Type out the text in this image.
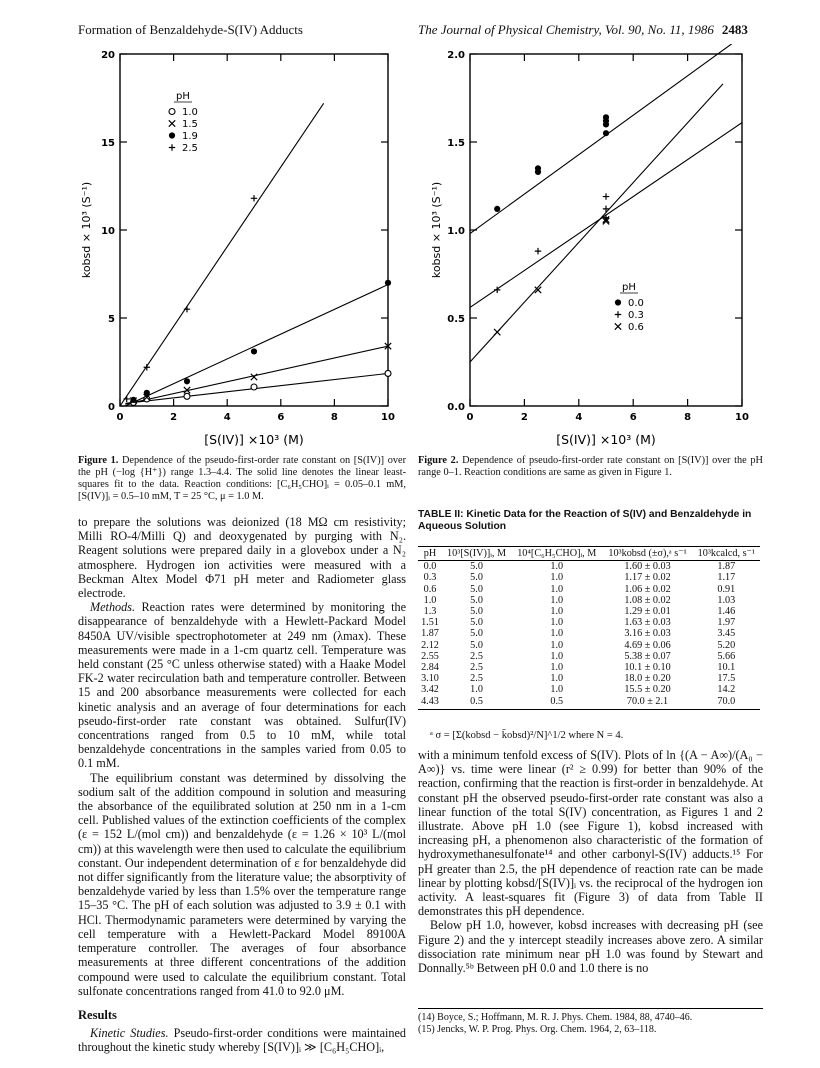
Formation of Benzaldehyde-S(IV) Adducts	The Journal of Physical Chemistry, Vol. 90, No. 11, 1986 2483
0	2	4	6	8	10
0
5
10
15
20
[S(IV)] ×10³ (M)
kobsd × 10³ (S⁻¹)
pH
1.0
1.5
1.9
2.5
0	2	4	6	8	10
0.0
0.5
1.0
1.5
2.0
[S(IV)] ×10³ (M)
kobsd × 10³ (S⁻¹)
pH
0.0
0.3
0.6
Figure 1. Dependence of the pseudo-first-order rate constant on [S(IV)] over the pH (−log {H⁺}) range 1.3–4.4. The solid line denotes the linear least-squares fit to the data. Reaction conditions: [C₆H₅CHO]ᵢ = 0.05–0.1 mM, [S(IV)]ᵢ = 0.5–10 mM, T = 25 °C, μ = 1.0 M.
Figure 2. Dependence of pseudo-first-order rate constant on [S(IV)] over the pH range 0–1. Reaction conditions are same as given in Figure 1.

to prepare the solutions was deionized (18 MΩ cm resistivity; Milli RO-4/Milli Q) and deoxygenated by purging with N₂. Reagent solutions were prepared daily in a glovebox under a N₂ atmosphere. Hydrogen ion activities were measured with a Beckman Altex Model Φ71 pH meter and Radiometer glass electrode.

Methods. Reaction rates were determined by monitoring the disappearance of benzaldehyde with a Hewlett-Packard Model 8450A UV/visible spectrophotometer at 249 nm (λmax). These measurements were made in a 1-cm quartz cell. Temperature was held constant (25 °C unless otherwise stated) with a Haake Model FK-2 water recirculation bath and temperature controller. Between 15 and 200 absorbance measurements were collected for each kinetic analysis and an average of four determinations for each pseudo-first-order rate constant was obtained. Sulfur(IV) concentrations ranged from 0.5 to 10 mM, while total benzaldehyde concentrations in the samples varied from 0.05 to 0.1 mM.

The equilibrium constant was determined by dissolving the sodium salt of the addition compound in solution and measuring the absorbance of the equilibrated solution at 250 nm in a 1-cm cell. Published values of the extinction coefficients of the complex (ε = 152 L/(mol cm)) and benzaldehyde (ε = 1.26 × 10³ L/(mol cm)) at this wavelength were then used to calculate the equilibrium constant. Our independent determination of ε for benzaldehyde did not differ significantly from the literature value; the absorptivity of benzaldehyde varied by less than 1.5% over the temperature range 15–35 °C. The pH of each solution was adjusted to 3.9 ± 0.1 with HCl. Thermodynamic parameters were determined by varying the cell temperature with a Hewlett-Packard Model 89100A temperature controller. The averages of four absorbance measurements at three different concentrations of the addition compound were used to calculate the equilibrium constant. Total sulfonate concentrations ranged from 41.0 to 92.0 μM.

Results

Kinetic Studies. Pseudo-first-order conditions were maintained throughout the kinetic study whereby [S(IV)]ᵢ ≫ [C₆H₅CHO]ᵢ,

TABLE II: Kinetic Data for the Reaction of S(IV) and Benzaldehyde in Aqueous Solution
pH	10³[S(IV)]ᵢ, M	10⁴[C₆H₅CHO]ᵢ, M	10³kobsd (±σ),ᵃ s⁻¹	10³kcalcd, s⁻¹

0.0	5.0	1.0	1.60 ± 0.03	1.87
0.3	5.0	1.0	1.17 ± 0.02	1.17
0.6	5.0	1.0	1.06 ± 0.02	0.91
1.0	5.0	1.0	1.08 ± 0.02	1.03
1.3	5.0	1.0	1.29 ± 0.01	1.46
1.51	5.0	1.0	1.63 ± 0.03	1.97
1.87	5.0	1.0	3.16 ± 0.03	3.45
2.12	5.0	1.0	4.69 ± 0.06	5.20
2.55	2.5	1.0	5.38 ± 0.07	5.66
2.84	2.5	1.0	10.1 ± 0.10	10.1
3.10	2.5	1.0	18.0 ± 0.20	17.5
3.42	1.0	1.0	15.5 ± 0.20	14.2
4.43	0.5	0.5	70.0 ± 2.1	70.0
ᵃ σ = [Σ(kobsd − k̄obsd)²/N]^1/2 where N = 4.

with a minimum tenfold excess of S(IV). Plots of ln {(A − A∞)/(A₀ − A∞)} vs. time were linear (r² ≥ 0.99) for better than 90% of the reaction, confirming that the reaction is first-order in benzaldehyde. At constant pH the observed pseudo-first-order rate constant was also a linear function of the total S(IV) concentration, as Figures 1 and 2 illustrate. Above pH 1.0 (see Figure 1), kobsd increased with increasing pH, a phenomenon also characteristic of the formation of hydroxymethanesulfonate¹⁴ and other carbonyl-S(IV) adducts.¹⁵ For pH greater than 2.5, the pH dependence of reaction rate can be made linear by plotting kobsd/[S(IV)]ᵢ vs. the reciprocal of the hydrogen ion activity. A least-squares fit (Figure 3) of data from Table II demonstrates this pH dependence.

Below pH 1.0, however, kobsd increases with decreasing pH (see Figure 2) and the y intercept steadily increases above zero. A similar dissociation rate minimum near pH 1.0 was found by Stewart and Donnally.⁵ᵇ Between pH 0.0 and 1.0 there is no

(14) Boyce, S.; Hoffmann, M. R. J. Phys. Chem. 1984, 88, 4740–46.
(15) Jencks, W. P. Prog. Phys. Org. Chem. 1964, 2, 63–118.
